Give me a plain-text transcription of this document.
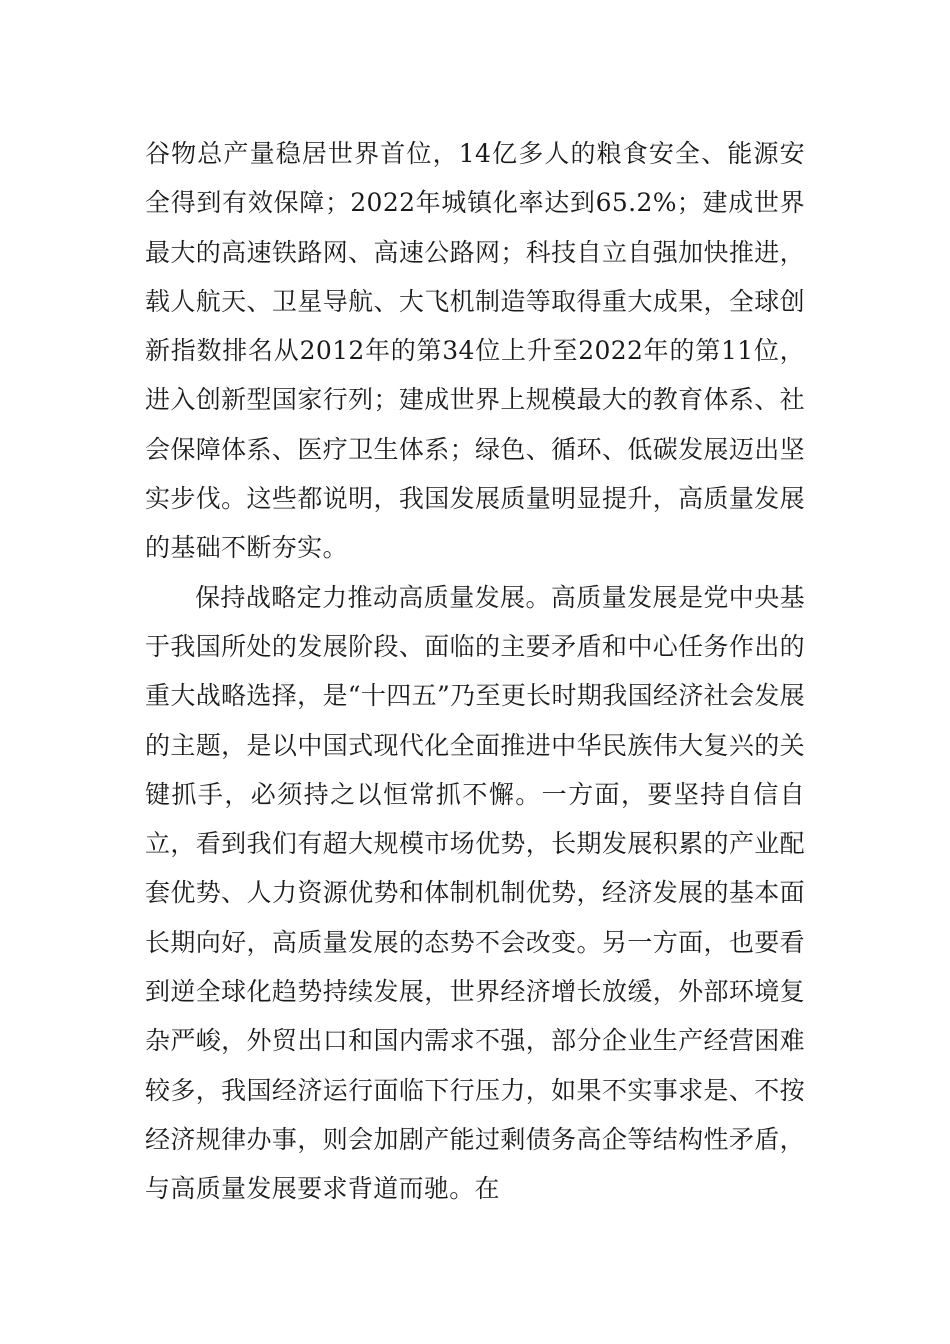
谷物总产量稳居世界首位，14亿多人的粮食安全、能源安全得到有效保障；2022年城镇化率达到65.2%；建成世界最大的高速铁路网、高速公路网；科技自立自强加快推进，载人航天、卫星导航、大飞机制造等取得重大成果，全球创新指数排名从2012年的第34位上升至2022年的第11位，进入创新型国家行列；建成世界上规模最大的教育体系、社会保障体系、医疗卫生体系；绿色、循环、低碳发展迈出坚实步伐。这些都说明，我国发展质量明显提升，高质量发展的基础不断夯实。

保持战略定力推动高质量发展。高质量发展是党中央基于我国所处的发展阶段、面临的主要矛盾和中心任务作出的重大战略选择，是“十四五”乃至更长时期我国经济社会发展的主题，是以中国式现代化全面推进中华民族伟大复兴的关键抓手，必须持之以恒常抓不懈。一方面，要坚持自信自立，看到我们有超大规模市场优势，长期发展积累的产业配套优势、人力资源优势和体制机制优势，经济发展的基本面长期向好，高质量发展的态势不会改变。另一方面，也要看到逆全球化趋势持续发展，世界经济增长放缓，外部环境复杂严峻，外贸出口和国内需求不强，部分企业生产经营困难较多，我国经济运行面临下行压力，如果不实事求是、不按经济规律办事，则会加剧产能过剩债务高企等结构性矛盾，与高质量发展要求背道而驰。在
